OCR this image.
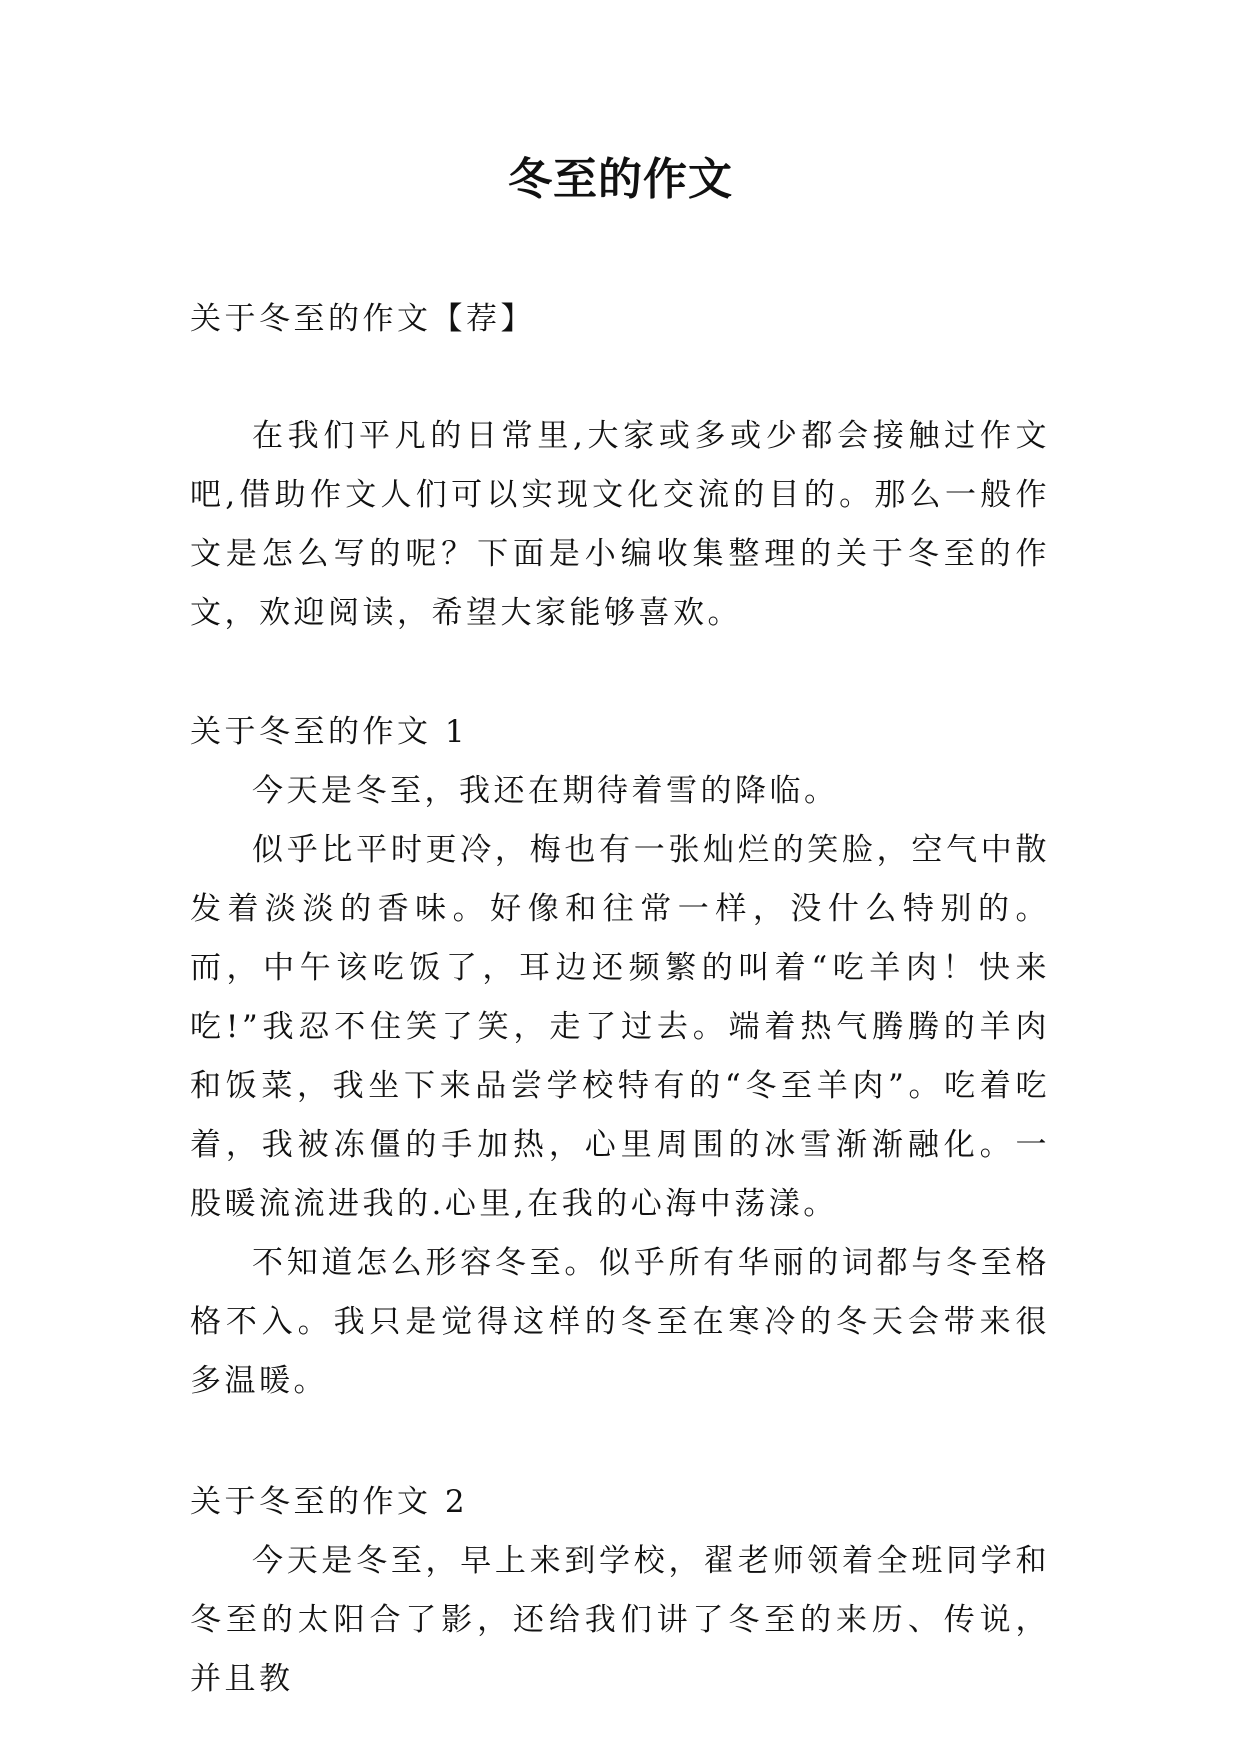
冬至的作文

关于冬至的作文【荐】

在我们平凡的日常里,大家或多或少都会接触过作文吧,借助作文人们可以实现文化交流的目的。那么一般作文是怎么写的呢？下面是小编收集整理的关于冬至的作文，欢迎阅读，希望大家能够喜欢。

关于冬至的作文 1

今天是冬至，我还在期待着雪的降临。

似乎比平时更冷，梅也有一张灿烂的笑脸，空气中散发着淡淡的香味。好像和往常一样，没什么特别的。而，中午该吃饭了，耳边还频繁的叫着“吃羊肉！快来吃!”我忍不住笑了笑，走了过去。端着热气腾腾的羊肉和饭菜，我坐下来品尝学校特有的“冬至羊肉”。吃着吃着，我被冻僵的手加热，心里周围的冰雪渐渐融化。一股暖流流进我的.心里,在我的心海中荡漾。

不知道怎么形容冬至。似乎所有华丽的词都与冬至格格不入。我只是觉得这样的冬至在寒冷的冬天会带来很多温暖。

关于冬至的作文 2

今天是冬至，早上来到学校，翟老师领着全班同学和冬至的太阳合了影，还给我们讲了冬至的来历、传说，并且教
